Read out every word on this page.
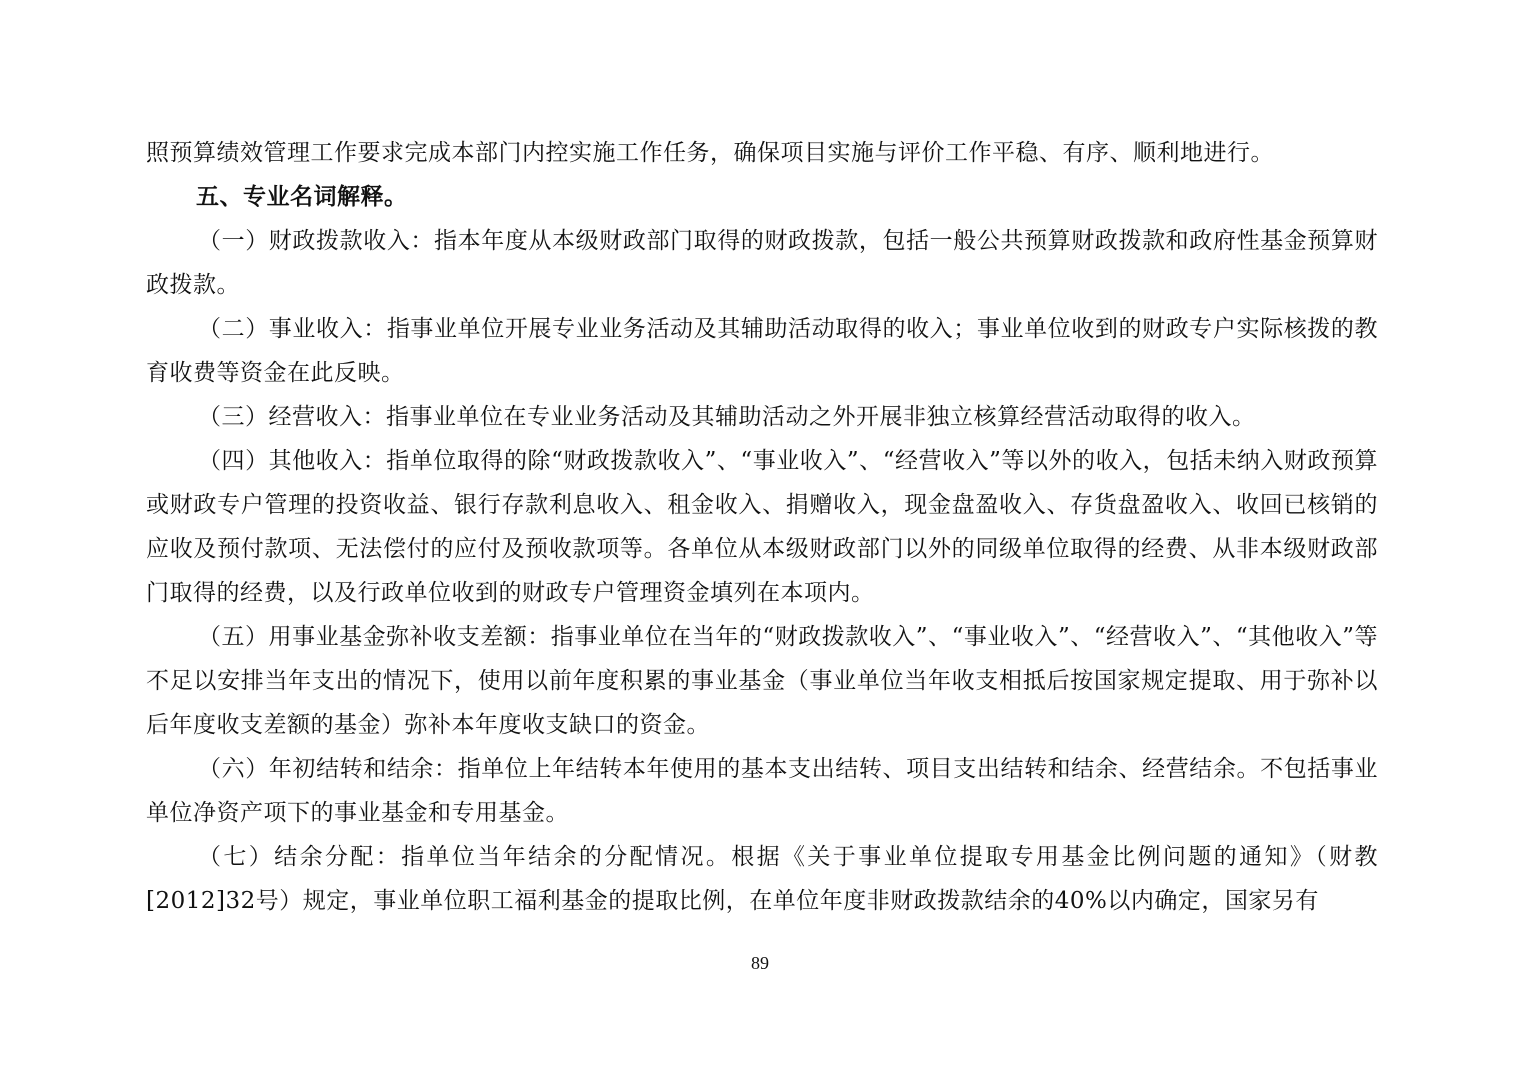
照预算绩效管理工作要求完成本部门内控实施工作任务，确保项目实施与评价工作平稳、有序、顺利地进行。

五、专业名词解释。

（一）财政拨款收入：指本年度从本级财政部门取得的财政拨款，包括一般公共预算财政拨款和政府性基金预算财政拨款。

（二）事业收入：指事业单位开展专业业务活动及其辅助活动取得的收入；事业单位收到的财政专户实际核拨的教育收费等资金在此反映。

（三）经营收入：指事业单位在专业业务活动及其辅助活动之外开展非独立核算经营活动取得的收入。

（四）其他收入：指单位取得的除“财政拨款收入”、“事业收入”、“经营收入”等以外的收入，包括未纳入财政预算或财政专户管理的投资收益、银行存款利息收入、租金收入、捐赠收入，现金盘盈收入、存货盘盈收入、收回已核销的应收及预付款项、无法偿付的应付及预收款项等。各单位从本级财政部门以外的同级单位取得的经费、从非本级财政部门取得的经费，以及行政单位收到的财政专户管理资金填列在本项内。

（五）用事业基金弥补收支差额：指事业单位在当年的“财政拨款收入”、“事业收入”、“经营收入”、“其他收入”等不足以安排当年支出的情况下，使用以前年度积累的事业基金（事业单位当年收支相抵后按国家规定提取、用于弥补以后年度收支差额的基金）弥补本年度收支缺口的资金。

（六）年初结转和结余：指单位上年结转本年使用的基本支出结转、项目支出结转和结余、经营结余。不包括事业单位净资产项下的事业基金和专用基金。

（七）结余分配：指单位当年结余的分配情况。根据《关于事业单位提取专用基金比例问题的通知》（财教[2012]32号）规定，事业单位职工福利基金的提取比例，在单位年度非财政拨款结余的40%以内确定，国家另有

89
